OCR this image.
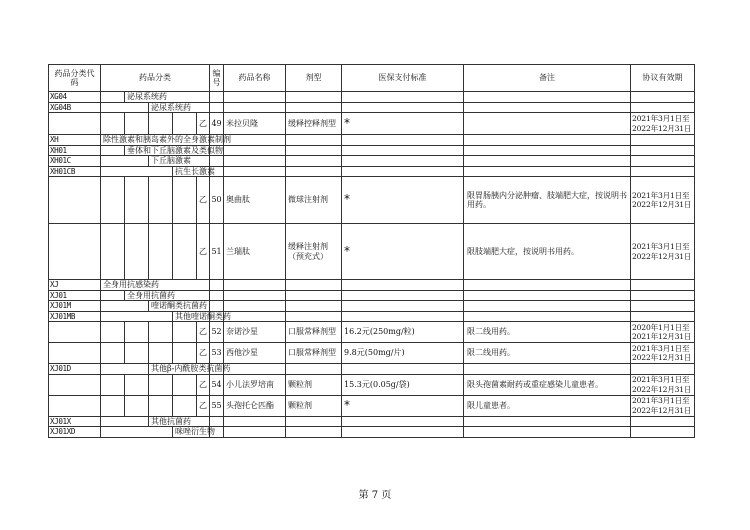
药品分类代码	药品分类					编号	药品名称	剂型	医保支付标准	备注	协议有效期
XG04		泌尿系统药									
XG04B			泌尿系统药								
					乙	49	米拉贝隆	缓释控释剂型	*		2021年3月1日至
2022年12月31日

XH	除性激素和胰岛素外的全身激素制剂										
XH01		垂体和下丘脑激素及类似物									
XH01C			下丘脑激素								
XH01CB				抗生长激素							
					乙	50	奥曲肽	微球注射剂	*	限胃肠胰内分泌肿瘤、肢端肥大症，按说明书用药。	2021年3月1日至
2022年12月31日

					乙	51	兰瑞肽	缓释注射剂（预充式）	*	限肢端肥大症，按说明书用药。	2021年3月1日至
2022年12月31日

XJ	全身用抗感染药										
XJ01		全身用抗菌药									
XJ01M			喹诺酮类抗菌药								
XJ01MB				其他喹诺酮类药							
					乙	52	奈诺沙星	口服常释剂型	16.2元(250mg/粒)	限二线用药。	2020年1月1日至
2021年12月31日

					乙	53	西他沙星	口服常释剂型	9.8元(50mg/片)	限二线用药。	2021年3月1日至
2022年12月31日

XJ01D			其他β-内酰胺类抗菌药								
					乙	54	小儿法罗培南	颗粒剂	15.3元(0.05g/袋)	限头孢菌素耐药或重症感染儿童患者。	2021年3月1日至
2022年12月31日

					乙	55	头孢托仑匹酯	颗粒剂	*	限儿童患者。	2021年3月1日至
2022年12月31日

XJ01X			其他抗菌药								
XJ01XD				咪唑衍生物							
第 7 页
